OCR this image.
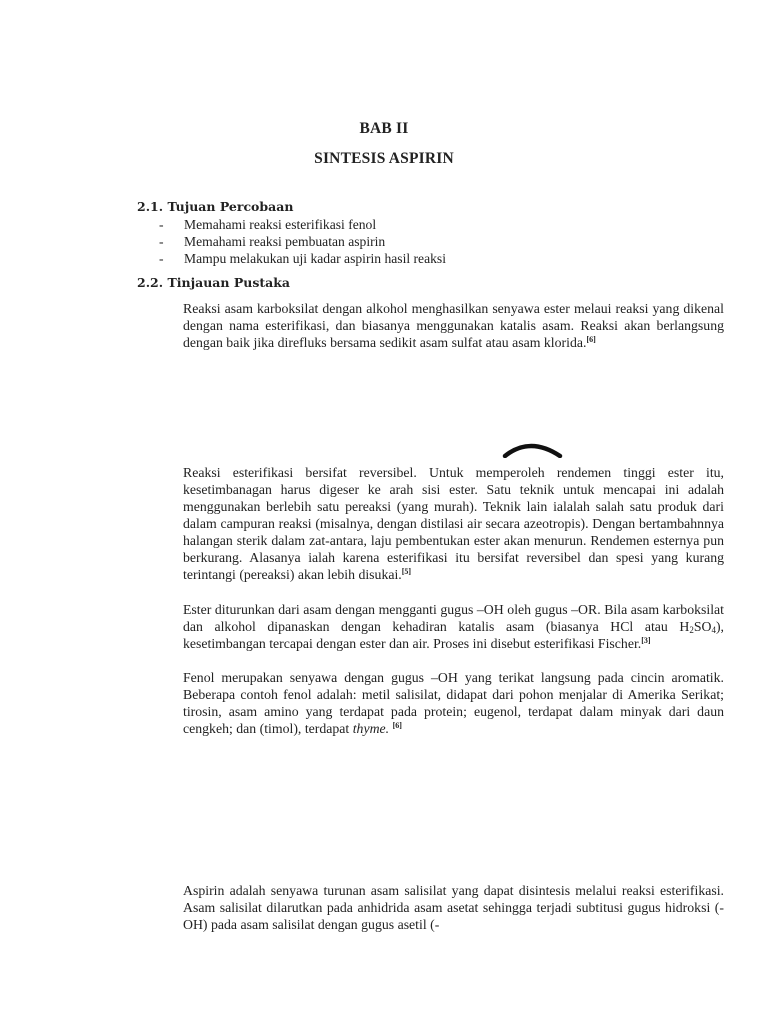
BAB II
SINTESIS ASPIRIN
2.1. Tujuan Percobaan
- Memahami reaksi esterifikasi fenol
- Memahami reaksi pembuatan aspirin
- Mampu melakukan uji kadar aspirin hasil reaksi
2.2. Tinjauan Pustaka
Reaksi asam karboksilat dengan alkohol menghasilkan senyawa ester melaui reaksi yang dikenal dengan nama esterifikasi, dan biasanya menggunakan katalis asam. Reaksi akan berlangsung dengan baik jika direfluks bersama sedikit asam sulfat atau asam klorida.[6]
Reaksi esterifikasi bersifat reversibel. Untuk memperoleh rendemen tinggi ester itu, kesetimbanagan harus digeser ke arah sisi ester. Satu teknik untuk mencapai ini adalah menggunakan berlebih satu pereaksi (yang murah). Teknik lain ialalah salah satu produk dari dalam campuran reaksi (misalnya, dengan distilasi air secara azeotropis). Dengan bertambahnnya halangan sterik dalam zat-antara, laju pembentukan ester akan menurun. Rendemen esternya pun berkurang. Alasanya ialah karena esterifikasi itu bersifat reversibel dan spesi yang kurang terintangi (pereaksi) akan lebih disukai.[5]
Ester diturunkan dari asam dengan mengganti gugus –OH oleh gugus –OR. Bila asam karboksilat dan alkohol dipanaskan dengan kehadiran katalis asam (biasanya HCl atau $H_2SO_4$), kesetimbangan tercapai dengan ester dan air. Proses ini disebut esterifikasi Fischer.[3]
Fenol merupakan senyawa dengan gugus –OH yang terikat langsung pada cincin aromatik. Beberapa contoh fenol adalah: metil salisilat, didapat dari pohon menjalar di Amerika Serikat; tirosin, asam amino yang terdapat pada protein; eugenol, terdapat dalam minyak dari daun cengkeh; dan (timol), terdapat thyme. [6]
Aspirin adalah senyawa turunan asam salisilat yang dapat disintesis melalui reaksi esterifikasi. Asam salisilat dilarutkan pada anhidrida asam asetat sehingga terjadi subtitusi gugus hidroksi (-OH) pada asam salisilat dengan gugus asetil (-
